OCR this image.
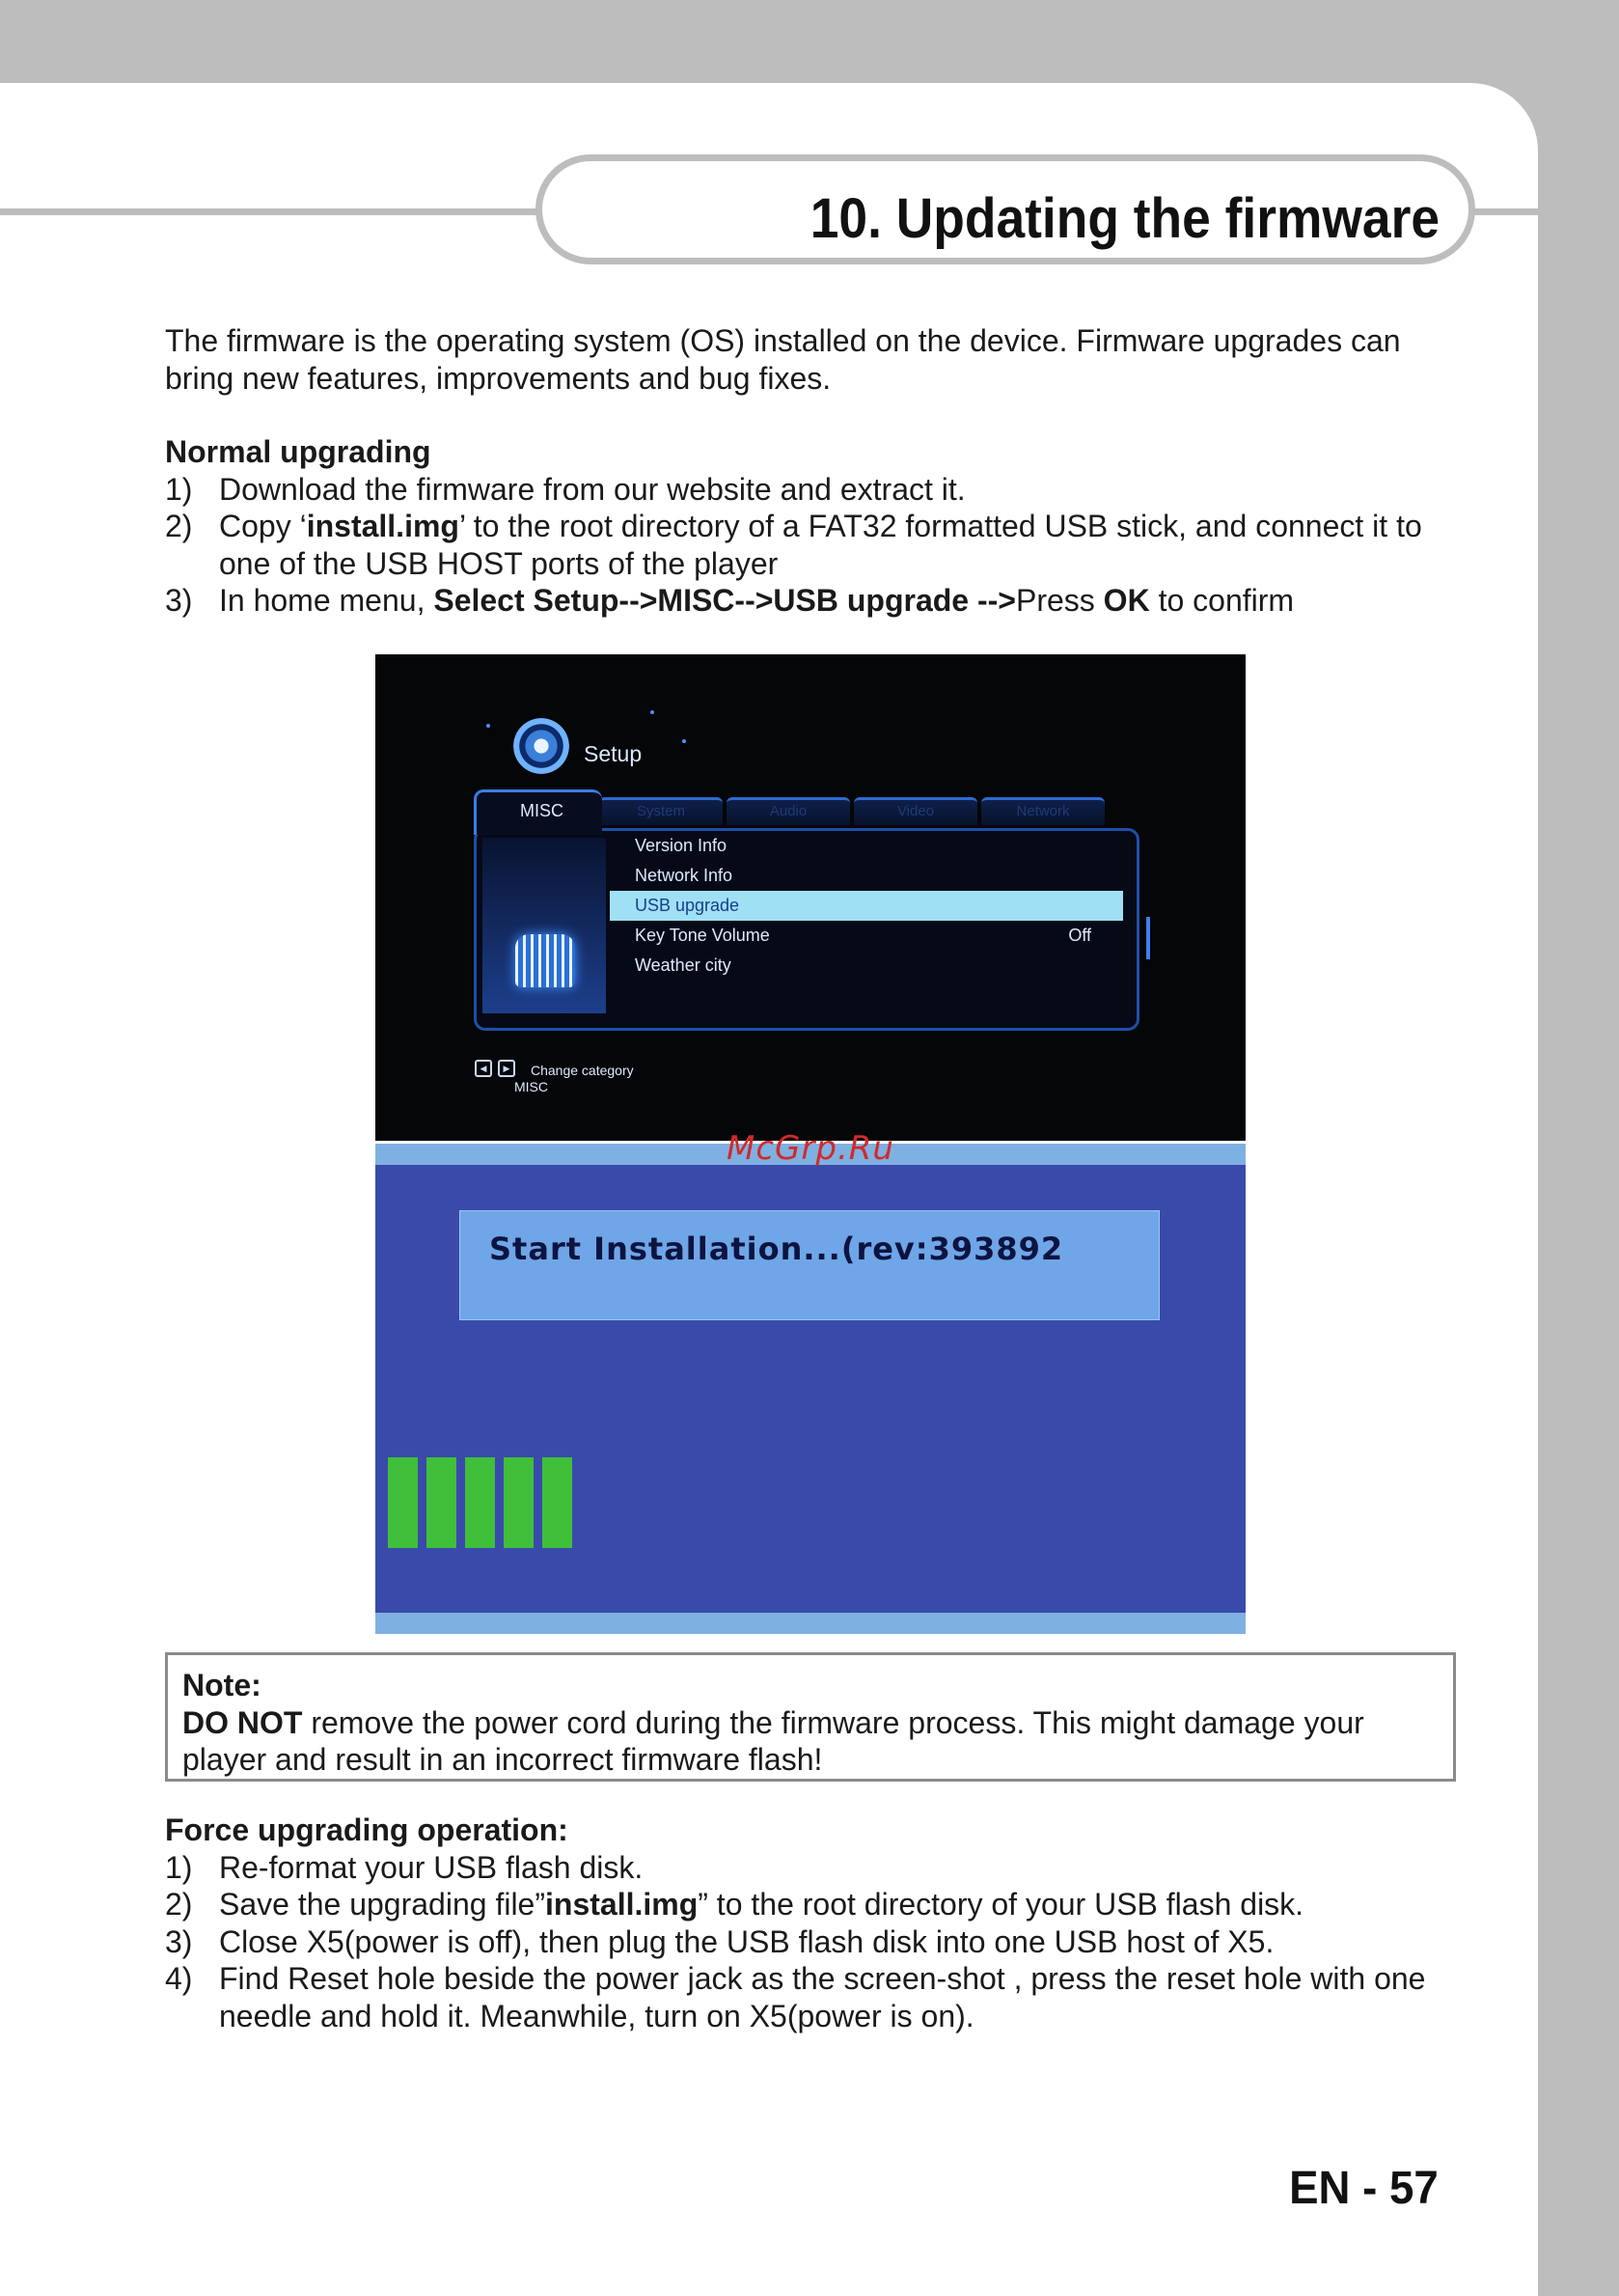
10. Updating the firmware

The firmware is the operating system (OS) installed on the device. Firmware upgrades can bring new features, improvements and bug fixes.

Normal upgrading
1) Download the firmware from our website and extract it.
2) Copy ‘install.img’ to the root directory of a FAT32 formatted USB stick, and connect it to one of the USB HOST ports of the player
3) In home menu, Select Setup-->MISC-->USB upgrade -->Press OK to confirm
Setup
System	Audio	Video	Network
MISC
Version Info
Network Info
USB upgrade
Key Tone Volume	Off
Weather city
◀	▶	Change category
MISC
Start Installation...(rev:393892
McGrp.Ru
Note:
DO NOT remove the power cord during the firmware process. This might damage your player and result in an incorrect firmware flash!
Force upgrading operation:
1) Re-format your USB flash disk.
2) Save the upgrading file”install.img” to the root directory of your USB flash disk.
3) Close X5(power is off), then plug the USB flash disk into one USB host of X5.
4) Find Reset hole beside the power jack as the screen-shot , press the reset hole with one needle and hold it. Meanwhile, turn on X5(power is on).
EN - 57
